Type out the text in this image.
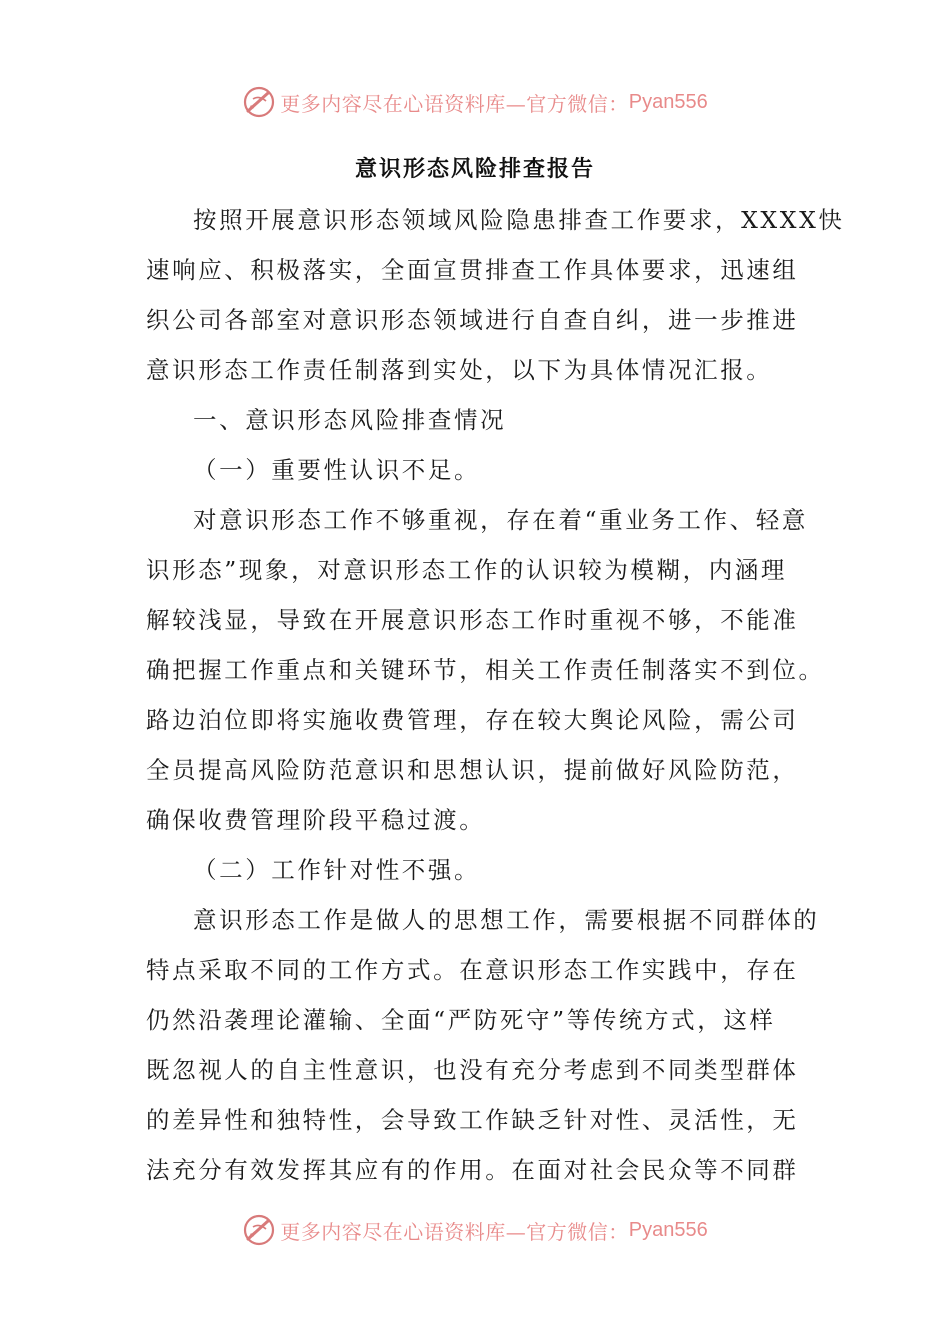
更多内容尽在心语资料库—官方微信： Pyan556
意识形态风险排查报告
按照开展意识形态领域风险隐患排查工作要求，XXXX快
速响应、积极落实，全面宣贯排查工作具体要求，迅速组
织公司各部室对意识形态领域进行自查自纠，进一步推进
意识形态工作责任制落到实处，以下为具体情况汇报。
一、意识形态风险排查情况
（一）重要性认识不足。
对意识形态工作不够重视，存在着“重业务工作、轻意
识形态”现象，对意识形态工作的认识较为模糊，内涵理
解较浅显，导致在开展意识形态工作时重视不够，不能准
确把握工作重点和关键环节，相关工作责任制落实不到位。
路边泊位即将实施收费管理，存在较大舆论风险，需公司
全员提高风险防范意识和思想认识，提前做好风险防范，
确保收费管理阶段平稳过渡。
（二）工作针对性不强。
意识形态工作是做人的思想工作，需要根据不同群体的
特点采取不同的工作方式。在意识形态工作实践中，存在
仍然沿袭理论灌输、全面“严防死守”等传统方式，这样
既忽视人的自主性意识，也没有充分考虑到不同类型群体
的差异性和独特性，会导致工作缺乏针对性、灵活性，无
法充分有效发挥其应有的作用。在面对社会民众等不同群
更多内容尽在心语资料库—官方微信： Pyan556
